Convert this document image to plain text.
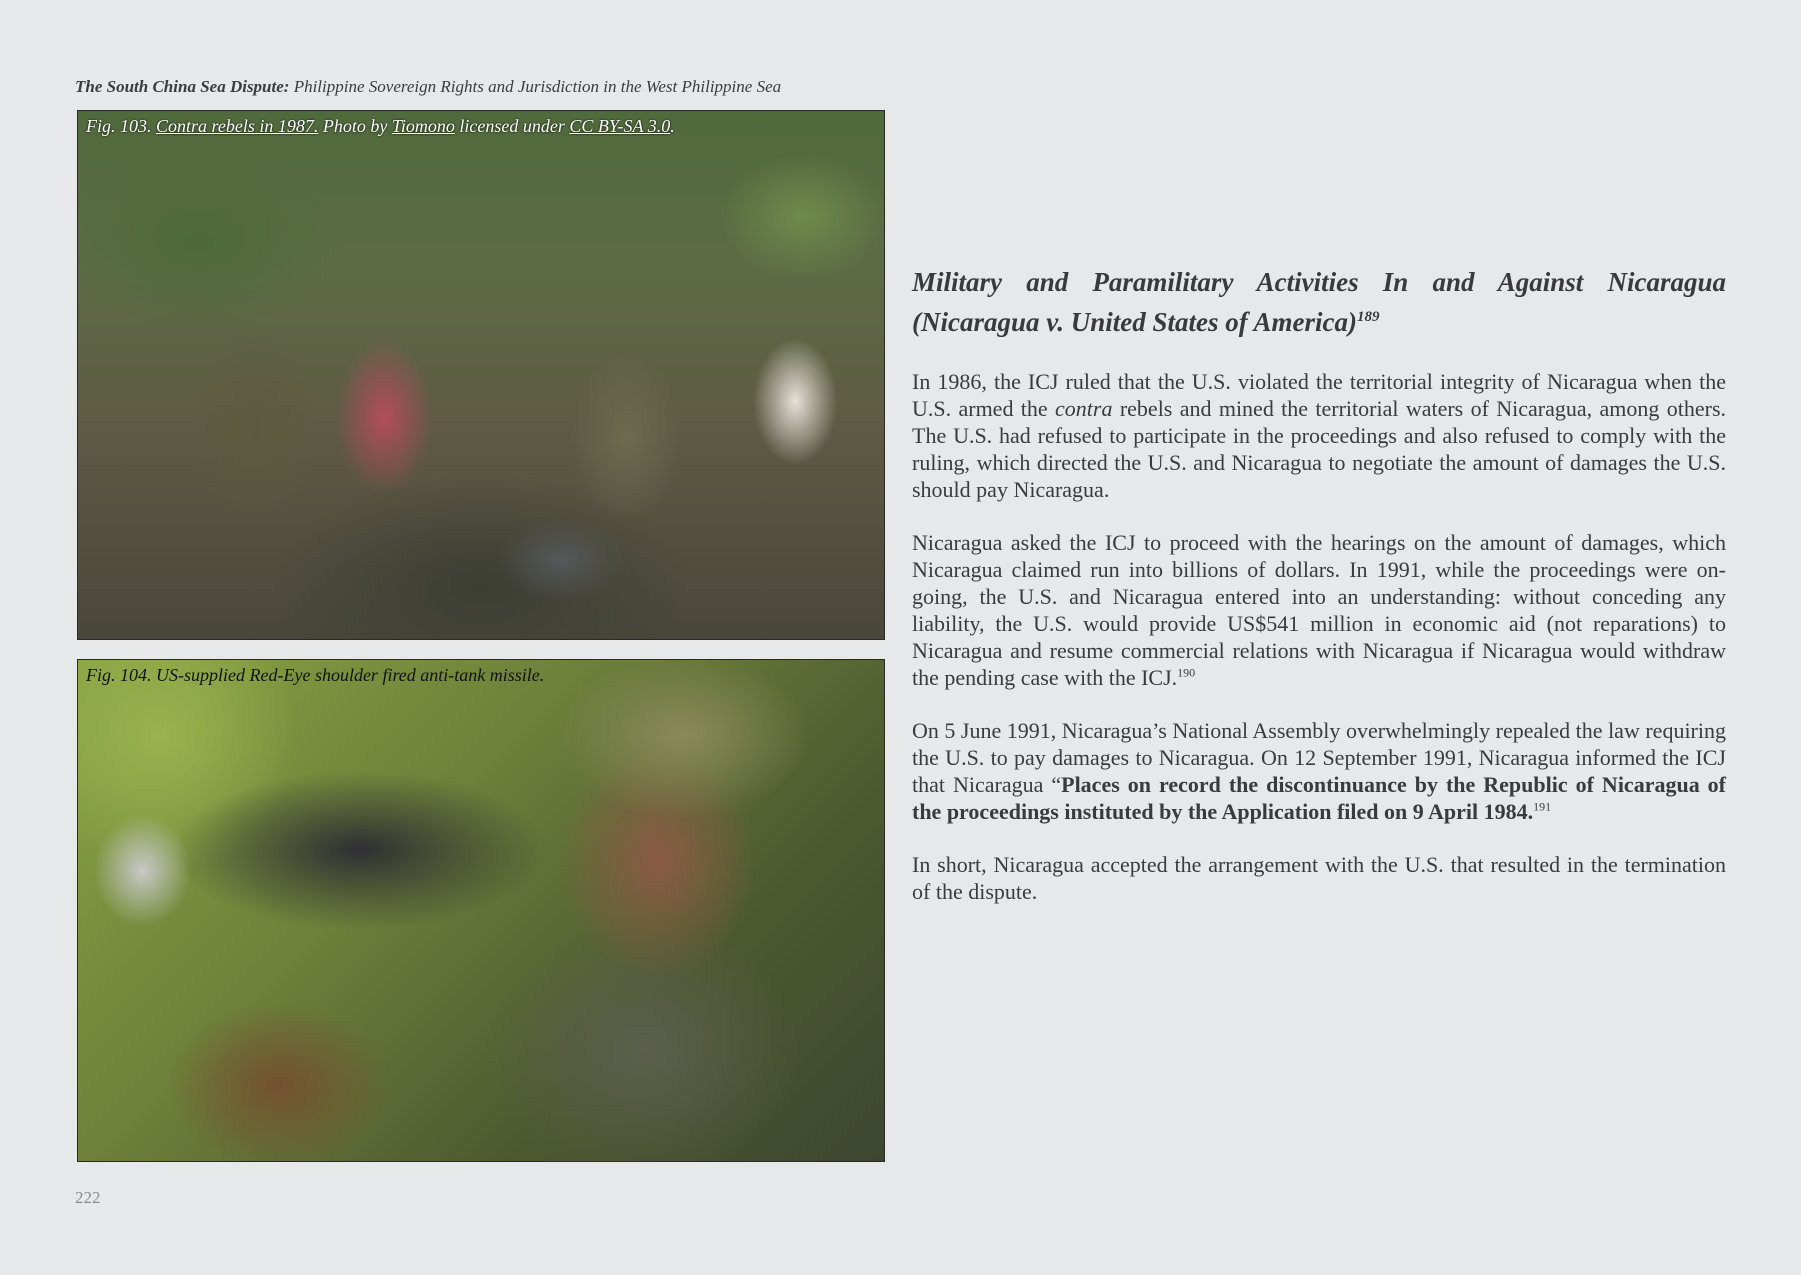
The South China Sea Dispute: Philippine Sovereign Rights and Jurisdiction in the West Philippine Sea
Fig. 103. Contra rebels in 1987. Photo by Tiomono licensed under CC BY-SA 3.0.
Fig. 104. US-supplied Red-Eye shoulder fired anti-tank missile.
Military and Paramilitary Activities In and Against Nicaragua (Nicaragua v. United States of America)$^{189}$

In 1986, the ICJ ruled that the U.S. violated the territorial integrity of Nicaragua when the U.S. armed the contra rebels and mined the territorial waters of Nicaragua, among others. The U.S. had refused to participate in the proceedings and also refused to comply with the ruling, which directed the U.S. and Nicaragua to negotiate the amount of damages the U.S. should pay Nicaragua.

Nicaragua asked the ICJ to proceed with the hearings on the amount of damages, which Nicaragua claimed run into billions of dollars. In 1991, while the proceedings were on-going, the U.S. and Nicaragua entered into an understanding: without conceding any liability, the U.S. would provide US$541 million in economic aid (not reparations) to Nicaragua and resume commercial relations with Nicaragua if Nicaragua would withdraw the pending case with the ICJ.$^{190}$

On 5 June 1991, Nicaragua’s National Assembly overwhelmingly repealed the law requiring the U.S. to pay damages to Nicaragua. On 12 September 1991, Nicaragua informed the ICJ that Nicaragua “Places on record the discontinuance by the Republic of Nicaragua of the proceedings instituted by the Application filed on 9 April 1984.$^{191}$

In short, Nicaragua accepted the arrangement with the U.S. that resulted in the termination of the dispute.

222
